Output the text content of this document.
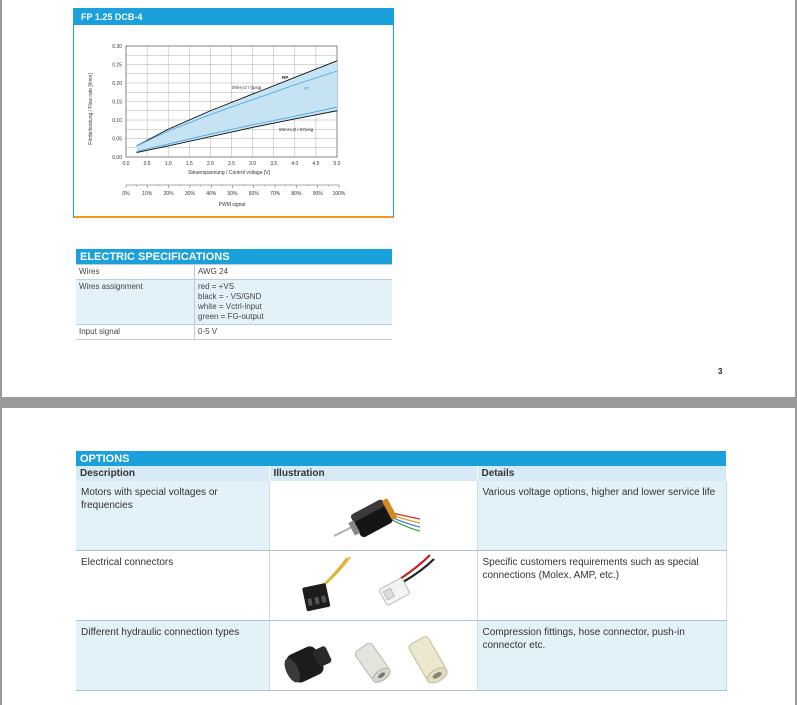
FP 1.25 DCB-4
0.00
0.05
0.10
0.15
0.20
0.25
0.30
0.0	0.5	1.0	1.5	2.0	2.5	3.0	3.5	4.0	4.5	5.0
0%	10% 20% 30% 40% 50% 60% 70% 80% 90% 100%
Förderleistung / Flow rate [l/min]
Steuerspannung / Control voltage [V]
PWM signal
0mH₂O / 0psig
RP
RT
60mH₂O / 87psig
ELECTRIC SPECIFICATIONS
Wires	AWG 24
Wires assignment	red = +VS
black = - VS/GND
white = Vctrl-input
green = FG-output

Input signal	0-5 V
3
OPTIONS
Description	Illustration	Details
Motors with special voltages or frequencies		Various voltage options, higher and lower service life
Electrical connectors		Specific customers requirements such as special connections (Molex, AMP, etc.)
Different hydraulic connection types		Compression fittings, hose connector, push-in connector etc.
